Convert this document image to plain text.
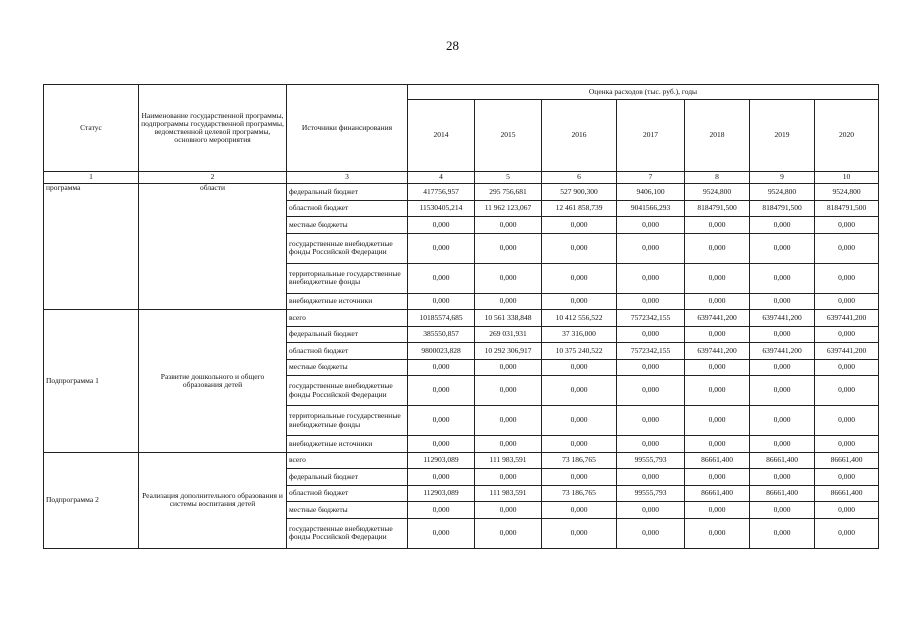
28
Статус	Наименование государственной программы, подпрограммы государственной программы, ведомственной целевой программы, основного мероприятия	Источники финансирования	Оценка расходов (тыс. руб.), годы						
			2014	2015	2016	2017	2018	2019	2020
1	2	3	4	5	6	7	8	9	10
программа	области	федеральный бюджет	417756,957	295 756,681	527 900,300	9406,100	9524,800	9524,800	9524,800
		областной бюджет	11530405,214	11 962 123,067	12 461 858,739	9041566,293	8184791,500	8184791,500	8184791,500
		местные бюджеты	0,000	0,000	0,000	0,000	0,000	0,000	0,000
		государственные внебюджетные фонды Российской Федерации	0,000	0,000	0,000	0,000	0,000	0,000	0,000
		территориальные государственные внебюджетные фонды	0,000	0,000	0,000	0,000	0,000	0,000	0,000
		внебюджетные источники	0,000	0,000	0,000	0,000	0,000	0,000	0,000
Подпрограмма 1	Развитие дошкольного и общего образования детей	всего	10185574,685	10 561 338,848	10 412 556,522	7572342,155	6397441,200	6397441,200	6397441,200
		федеральный бюджет	385550,857	269 031,931	37 316,000	0,000	0,000	0,000	0,000
		областной бюджет	9800023,828	10 292 306,917	10 375 240,522	7572342,155	6397441,200	6397441,200	6397441,200
		местные бюджеты	0,000	0,000	0,000	0,000	0,000	0,000	0,000
		государственные внебюджетные фонды Российской Федерации	0,000	0,000	0,000	0,000	0,000	0,000	0,000
		территориальные государственные внебюджетные фонды	0,000	0,000	0,000	0,000	0,000	0,000	0,000
		внебюджетные источники	0,000	0,000	0,000	0,000	0,000	0,000	0,000
Подпрограмма 2	Реализация дополнительного образования и системы воспитания детей	всего	112903,089	111 983,591	73 186,765	99555,793	86661,400	86661,400	86661,400
		федеральный бюджет	0,000	0,000	0,000	0,000	0,000	0,000	0,000
		областной бюджет	112903,089	111 983,591	73 186,765	99555,793	86661,400	86661,400	86661,400
		местные бюджеты	0,000	0,000	0,000	0,000	0,000	0,000	0,000
		государственные внебюджетные фонды Российской Федерации	0,000	0,000	0,000	0,000	0,000	0,000	0,000
